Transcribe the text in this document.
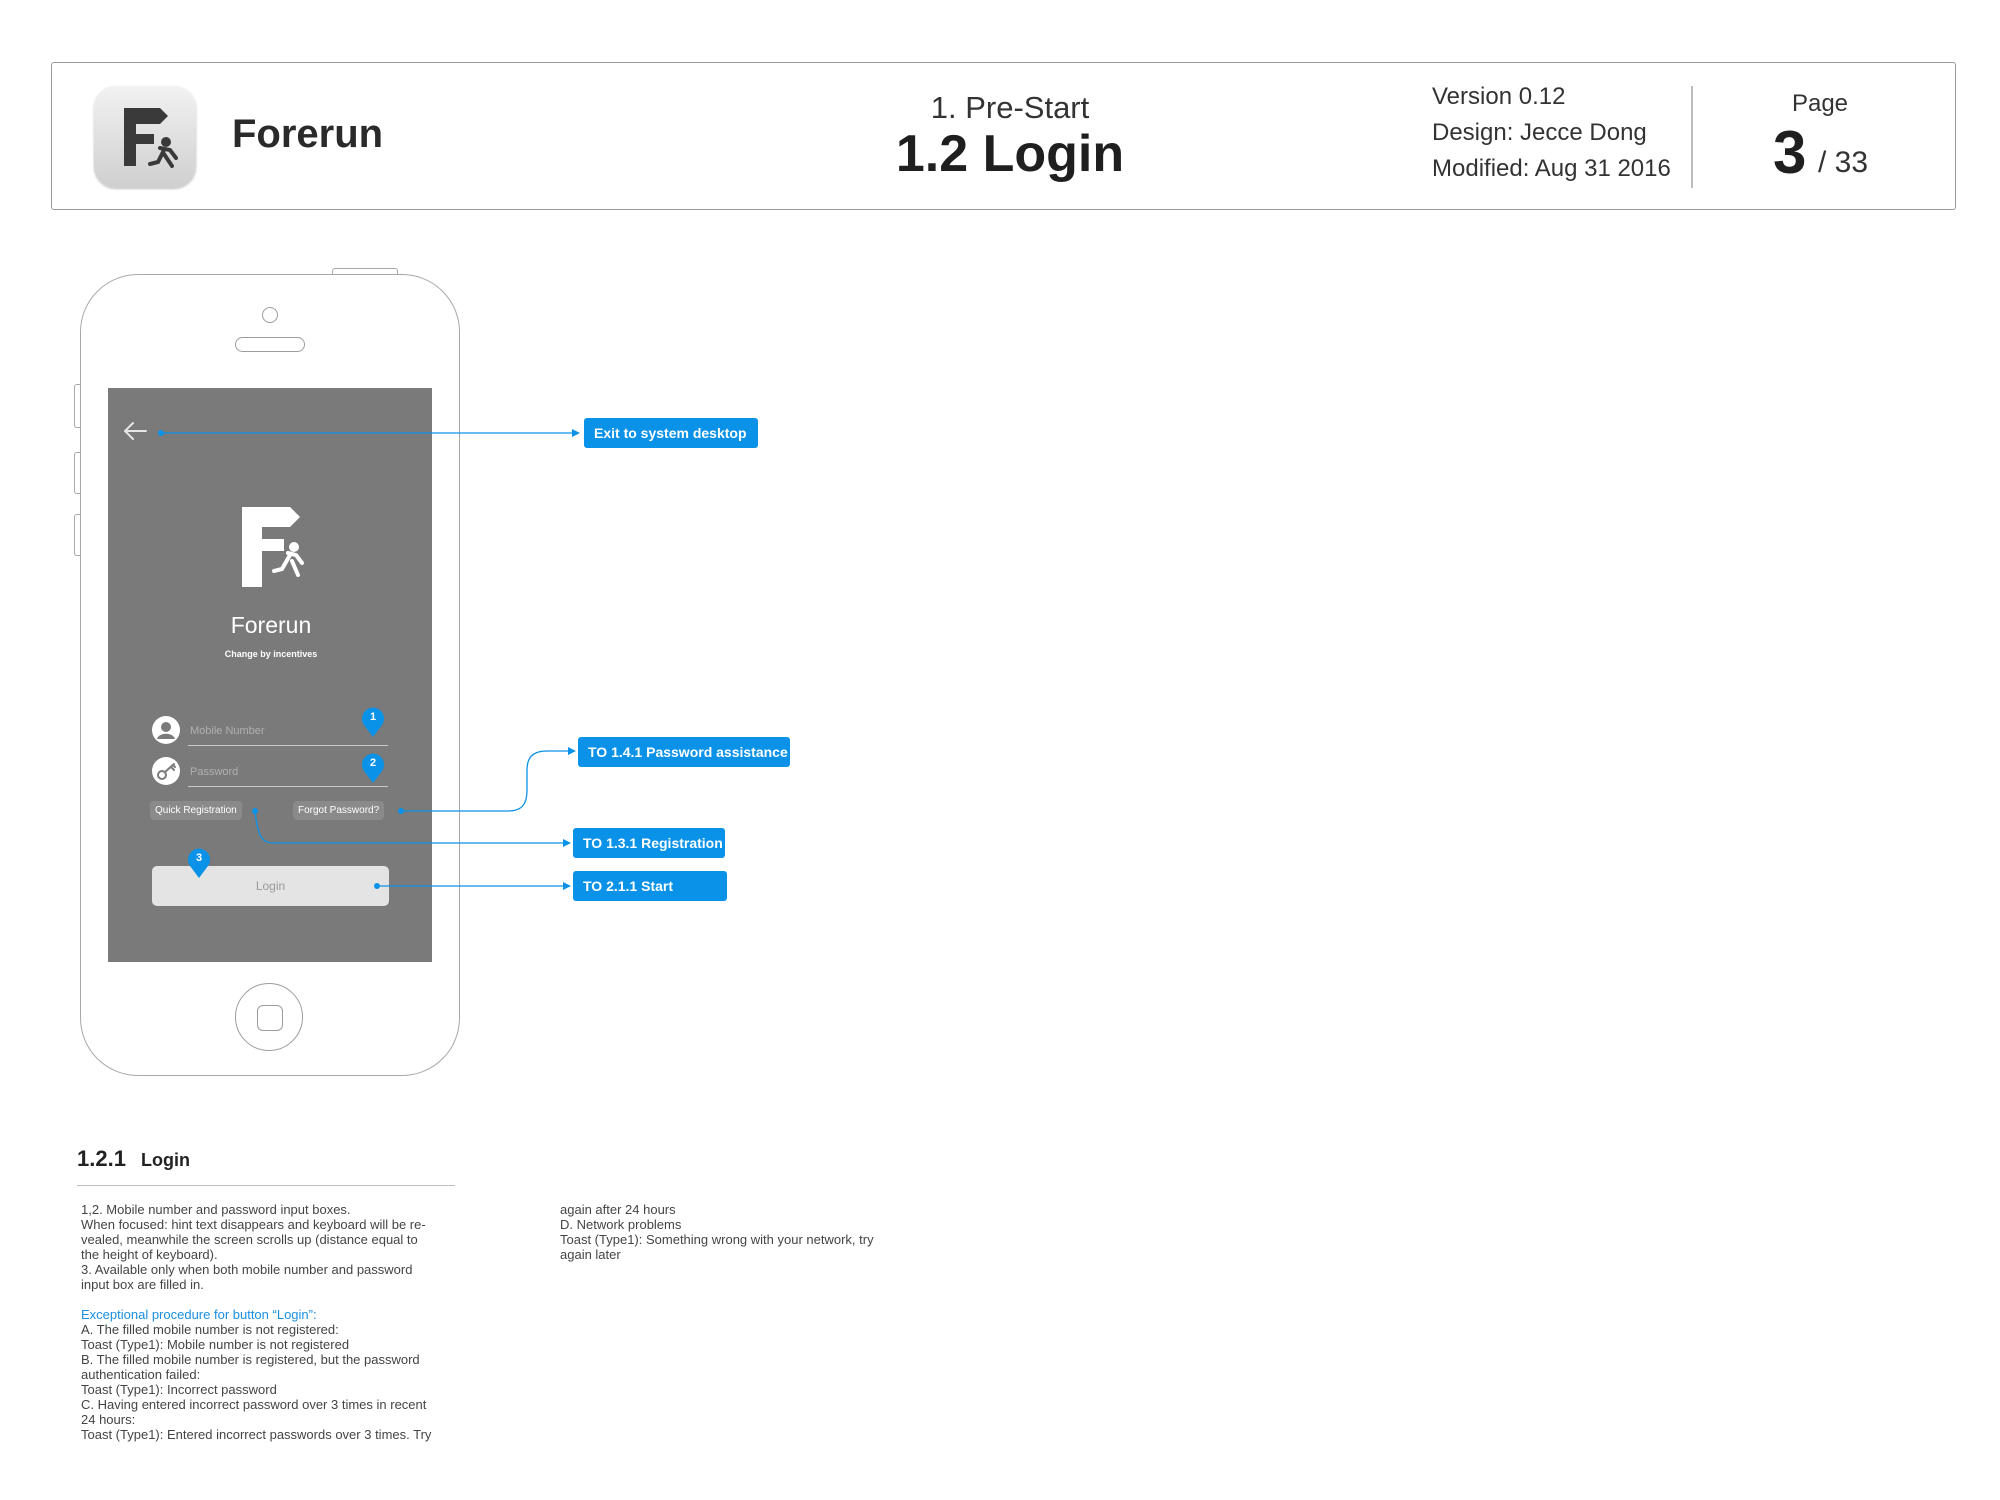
Forerun
1. Pre-Start
1.2 Login
Version 0.12
Design: Jecce Dong
Modified: Aug 31 2016
Page
3 / 33
Forerun
Change by incentives
Mobile Number
Password
Quick Registration	Forgot Password?
Login
1
2
3
Exit to system desktop
TO 1.4.1 Password assistance
TO 1.3.1 Registration
TO 2.1.1 Start
1.2.1 Login
1,2. Mobile number and password input boxes.
When focused: hint text disappears and keyboard will be re-
vealed, meanwhile the screen scrolls up (distance equal to
the height of keyboard).
3. Available only when both mobile number and password
input box are filled in.
Exceptional procedure for button “Login”:
A. The filled mobile number is not registered:
Toast (Type1): Mobile number is not registered
B. The filled mobile number is registered, but the password
authentication failed:
Toast (Type1): Incorrect password
C. Having entered incorrect password over 3 times in recent
24 hours:
Toast (Type1): Entered incorrect passwords over 3 times. Try
again after 24 hours
D. Network problems
Toast (Type1): Something wrong with your network, try
again later
